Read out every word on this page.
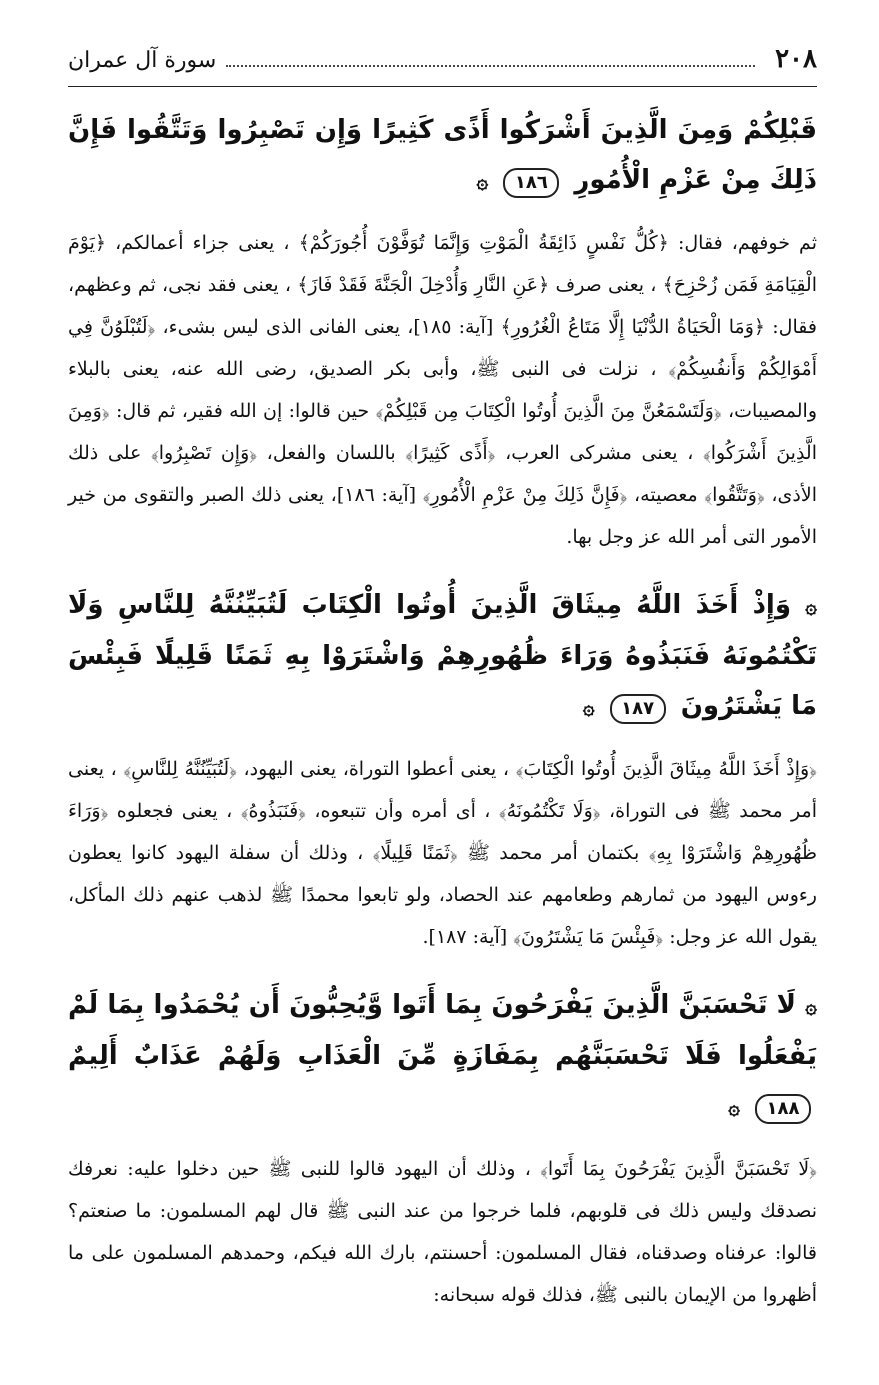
٢٠٨
سورة آل عمران
قَبْلِكُمْ وَمِنَ الَّذِينَ أَشْرَكُوا أَذًى كَثِيرًا وَإِن تَصْبِرُوا وَتَتَّقُوا فَإِنَّ ذَلِكَ مِنْ عَزْمِ الْأُمُورِ ١٨٦ ۞

ثم خوفهم، فقال: ﴿كُلُّ نَفْسٍ ذَائِقَةُ الْمَوْتِ وَإِنَّمَا تُوَفَّوْنَ أُجُورَكُمْ﴾ ، يعنى جزاء أعمالكم، ﴿يَوْمَ الْقِيَامَةِ فَمَن زُحْزِحَ﴾ ، يعنى صرف ﴿عَنِ النَّارِ وَأُدْخِلَ الْجَنَّةَ فَقَدْ فَازَ﴾ ، يعنى فقد نجى، ثم وعظهم، فقال: ﴿وَمَا الْحَيَاةُ الدُّنْيَا إِلَّا مَتَاعُ الْغُرُورِ﴾ [آية: ١٨٥]، يعنى الفانى الذى ليس بشىء، ﴿لَتُبْلَوُنَّ فِي أَمْوَالِكُمْ وَأَنفُسِكُمْ﴾ ، نزلت فى النبى ﷺ، وأبى بكر الصديق، رضى الله عنه، يعنى بالبلاء والمصيبات، ﴿وَلَتَسْمَعُنَّ مِنَ الَّذِينَ أُوتُوا الْكِتَابَ مِن قَبْلِكُمْ﴾ حين قالوا: إن الله فقير، ثم قال: ﴿وَمِنَ الَّذِينَ أَشْرَكُوا﴾ ، يعنى مشركى العرب، ﴿أَذًى كَثِيرًا﴾ باللسان والفعل، ﴿وَإِن تَصْبِرُوا﴾ على ذلك الأذى، ﴿وَتَتَّقُوا﴾ معصيته، ﴿فَإِنَّ ذَلِكَ مِنْ عَزْمِ الْأُمُورِ﴾ [آية: ١٨٦]، يعنى ذلك الصبر والتقوى من خير الأمور التى أمر الله عز وجل بها.

۞ وَإِذْ أَخَذَ اللَّهُ مِيثَاقَ الَّذِينَ أُوتُوا الْكِتَابَ لَتُبَيِّنُنَّهُ لِلنَّاسِ وَلَا تَكْتُمُونَهُ فَنَبَذُوهُ وَرَاءَ ظُهُورِهِمْ وَاشْتَرَوْا بِهِ ثَمَنًا قَلِيلًا فَبِئْسَ مَا يَشْتَرُونَ ١٨٧ ۞

﴿وَإِذْ أَخَذَ اللَّهُ مِيثَاقَ الَّذِينَ أُوتُوا الْكِتَابَ﴾ ، يعنى أعطوا التوراة، يعنى اليهود، ﴿لَتُبَيِّنُنَّهُ لِلنَّاسِ﴾ ، يعنى أمر محمد ﷺ فى التوراة، ﴿وَلَا تَكْتُمُونَهُ﴾ ، أى أمره وأن تتبعوه، ﴿فَنَبَذُوهُ﴾ ، يعنى فجعلوه ﴿وَرَاءَ ظُهُورِهِمْ وَاشْتَرَوْا بِهِ﴾ بكتمان أمر محمد ﷺ ﴿ثَمَنًا قَلِيلًا﴾ ، وذلك أن سفلة اليهود كانوا يعطون رءوس اليهود من ثمارهم وطعامهم عند الحصاد، ولو تابعوا محمدًا ﷺ لذهب عنهم ذلك المأكل، يقول الله عز وجل: ﴿فَبِئْسَ مَا يَشْتَرُونَ﴾ [آية: ١٨٧].

۞ لَا تَحْسَبَنَّ الَّذِينَ يَفْرَحُونَ بِمَا أَتَوا وَّيُحِبُّونَ أَن يُحْمَدُوا بِمَا لَمْ يَفْعَلُوا فَلَا تَحْسَبَنَّهُم بِمَفَازَةٍ مِّنَ الْعَذَابِ وَلَهُمْ عَذَابٌ أَلِيمٌ ١٨٨ ۞

﴿لَا تَحْسَبَنَّ الَّذِينَ يَفْرَحُونَ بِمَا أَتَوا﴾ ، وذلك أن اليهود قالوا للنبى ﷺ حين دخلوا عليه: نعرفك نصدقك وليس ذلك فى قلوبهم، فلما خرجوا من عند النبى ﷺ قال لهم المسلمون: ما صنعتم؟ قالوا: عرفناه وصدقناه، فقال المسلمون: أحسنتم، بارك الله فيكم، وحمدهم المسلمون على ما أظهروا من الإيمان بالنبى ﷺ، فذلك قوله سبحانه:
